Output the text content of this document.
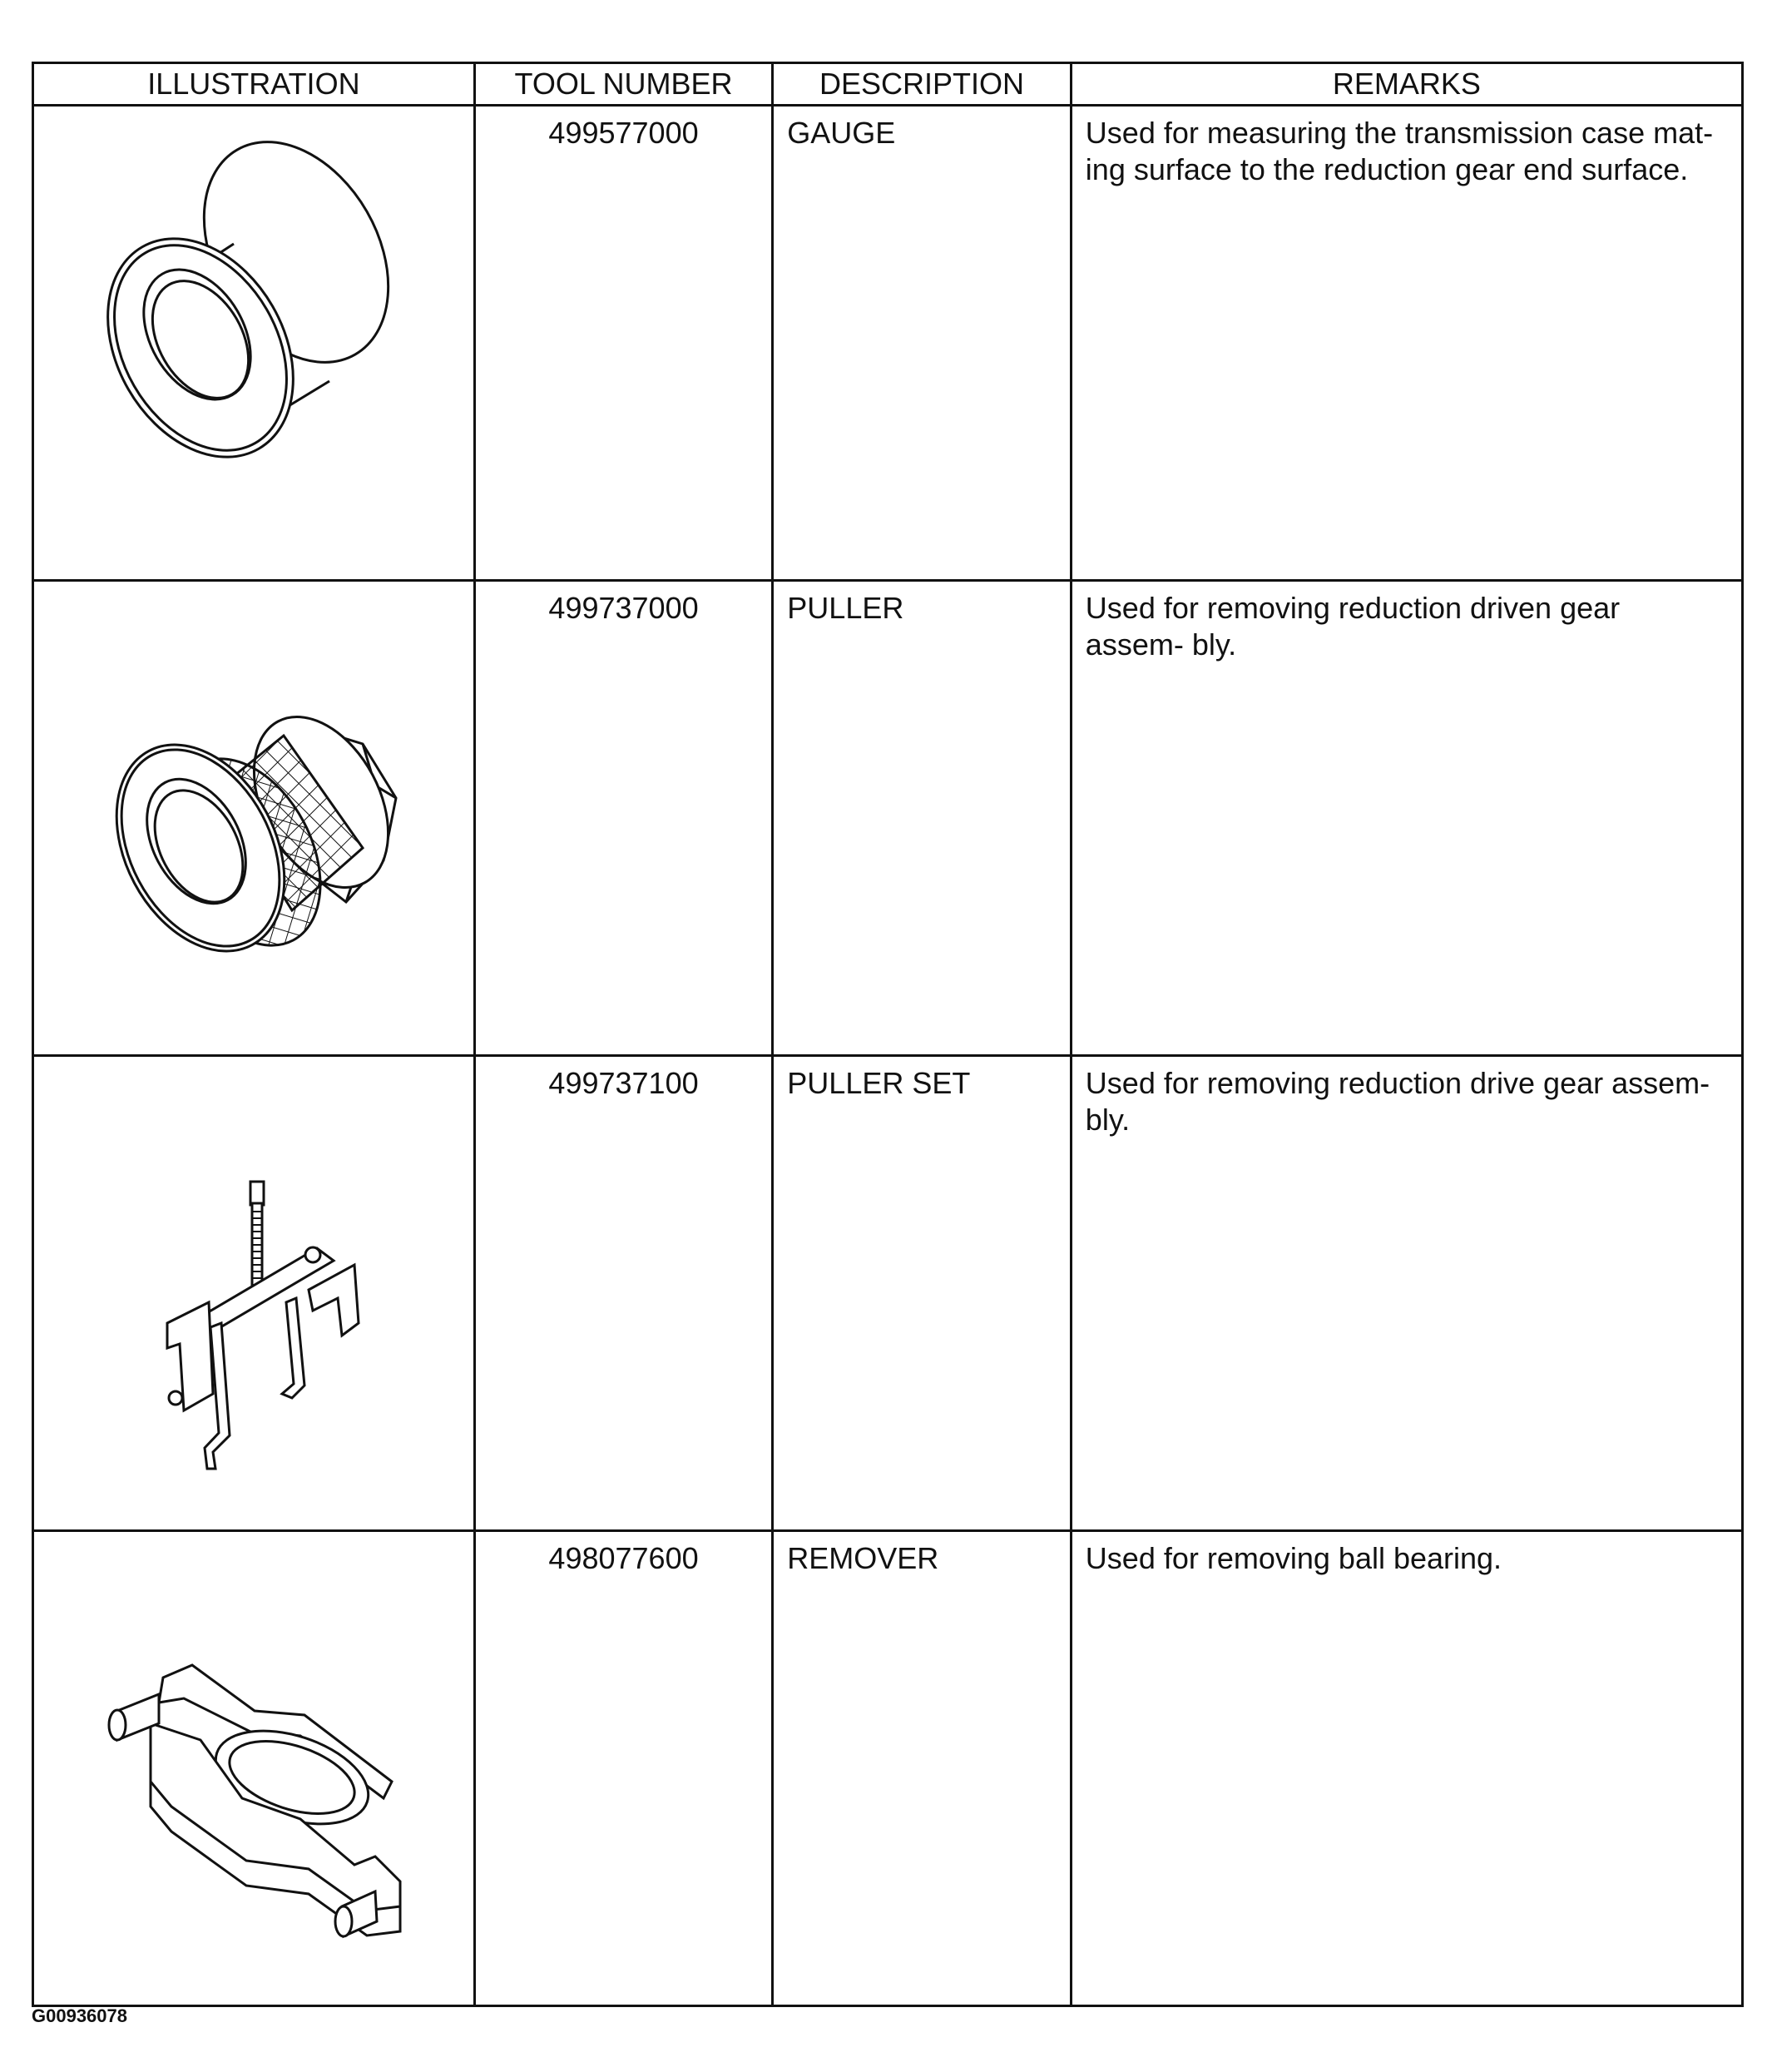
ILLUSTRATION	TOOL NUMBER	DESCRIPTION	REMARKS

	499577000	GAUGE	Used for measuring the transmission case mat- ing surface to the reduction gear end surface.

	499737000	PULLER	Used for removing reduction driven gear assem- bly.

	499737100	PULLER SET	Used for removing reduction drive gear assem- bly.

	498077600	REMOVER	Used for removing ball bearing.
G00936078
